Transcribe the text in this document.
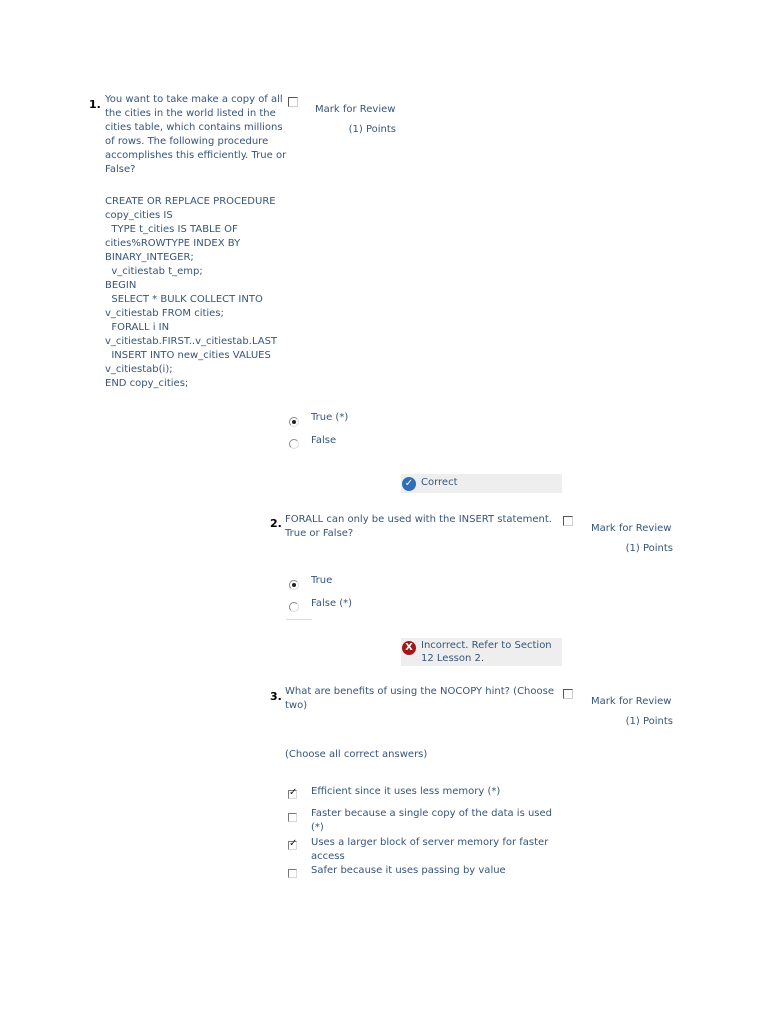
1. You want to take make a copy of all the cities in the world listed in the cities table, which contains millions of rows. The following procedure accomplishes this efficiently. True or False?
Mark for Review
(1) Points
CREATE OR REPLACE PROCEDURE copy_cities IS
TYPE t_cities IS TABLE OF cities%ROWTYPE INDEX BY BINARY_INTEGER;
v_citiestab t_emp;
BEGIN
SELECT * BULK COLLECT INTO v_citiestab FROM cities;
FORALL i IN v_citiestab.FIRST..v_citiestab.LAST
INSERT INTO new_cities VALUES v_citiestab(i);
END copy_cities;
True (*)
False
✓ Correct
2. FORALL can only be used with the INSERT statement. True or False?	Mark for Review
(1) Points
True
False (*)
X Incorrect. Refer to Section 12 Lesson 2.
3. What are benefits of using the NOCOPY hint? (Choose two)	Mark for Review
(1) Points
(Choose all correct answers)
✓ Efficient since it uses less memory (*)
Faster because a single copy of the data is used (*)
✓ Uses a larger block of server memory for faster access
Safer because it uses passing by value
